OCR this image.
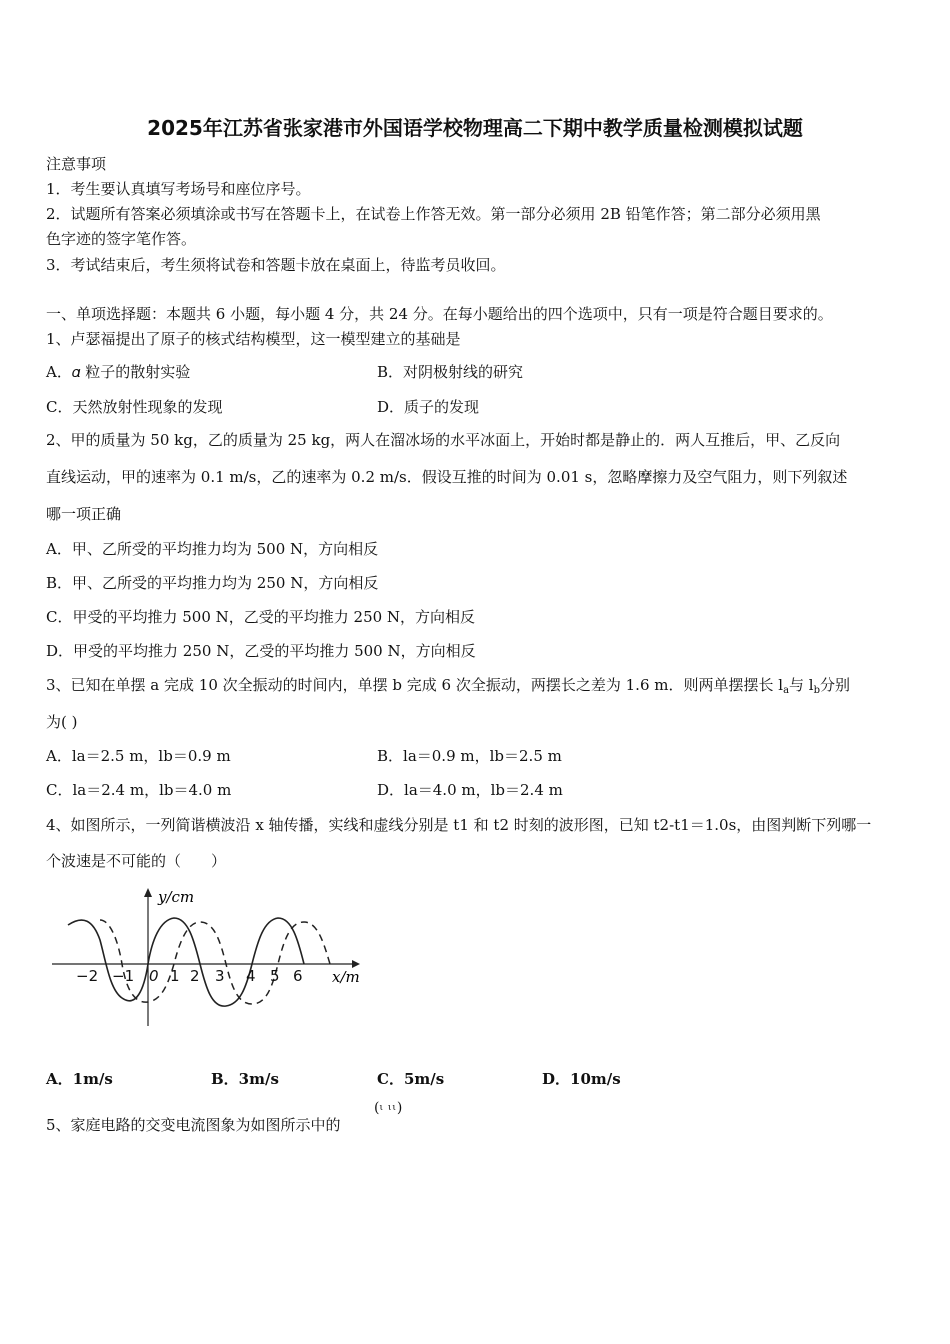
2025年江苏省张家港市外国语学校物理高二下期中教学质量检测模拟试题
注意事项
1．考生要认真填写考场号和座位序号。
2．试题所有答案必须填涂或书写在答题卡上，在试卷上作答无效。第一部分必须用 2B 铅笔作答；第二部分必须用黑
色字迹的签字笔作答。
3．考试结束后，考生须将试卷和答题卡放在桌面上，待监考员收回。
一、单项选择题：本题共 6 小题，每小题 4 分，共 24 分。在每小题给出的四个选项中，只有一项是符合题目要求的。
1、卢瑟福提出了原子的核式结构模型，这一模型建立的基础是
A．𝛼 粒子的散射实验	B．对阴极射线的研究
C．天然放射性现象的发现	D．质子的发现
2、甲的质量为 50 kg，乙的质量为 25 kg，两人在溜冰场的水平冰面上，开始时都是静止的．两人互推后，甲、乙反向
直线运动，甲的速率为 0.1 m/s，乙的速率为 0.2 m/s．假设互推的时间为 0.01 s，忽略摩擦力及空气阻力，则下列叙述
哪一项正确
A．甲、乙所受的平均推力均为 500 N，方向相反
B．甲、乙所受的平均推力均为 250 N，方向相反
C．甲受的平均推力 500 N，乙受的平均推力 250 N，方向相反
D．甲受的平均推力 250 N，乙受的平均推力 500 N，方向相反
3、已知在单摆 a 完成 10 次全振动的时间内，单摆 b 完成 6 次全振动，两摆长之差为 1.6 m．则两单摆摆长 $l_a$与 $l_b$分别
为( )
A．la＝2.5 m，lb＝0.9 m	B．la＝0.9 m，lb＝2.5 m
C．la＝2.4 m，lb＝4.0 m	D．la＝4.0 m，lb＝2.4 m
4、如图所示，一列简谐横波沿 x 轴传播，实线和虚线分别是 t1 和 t2 时刻的波形图，已知 t2-t1＝1.0s，由图判断下列哪一
个波速是不可能的（　　）
y/cm
x/m
−2 −1 0 1 2 3 4 5 6
A．1m/s	B．3m/s	C．5m/s	D．10m/s
5、家庭电路的交变电流图象为如图所示中的
(ι ιι)
